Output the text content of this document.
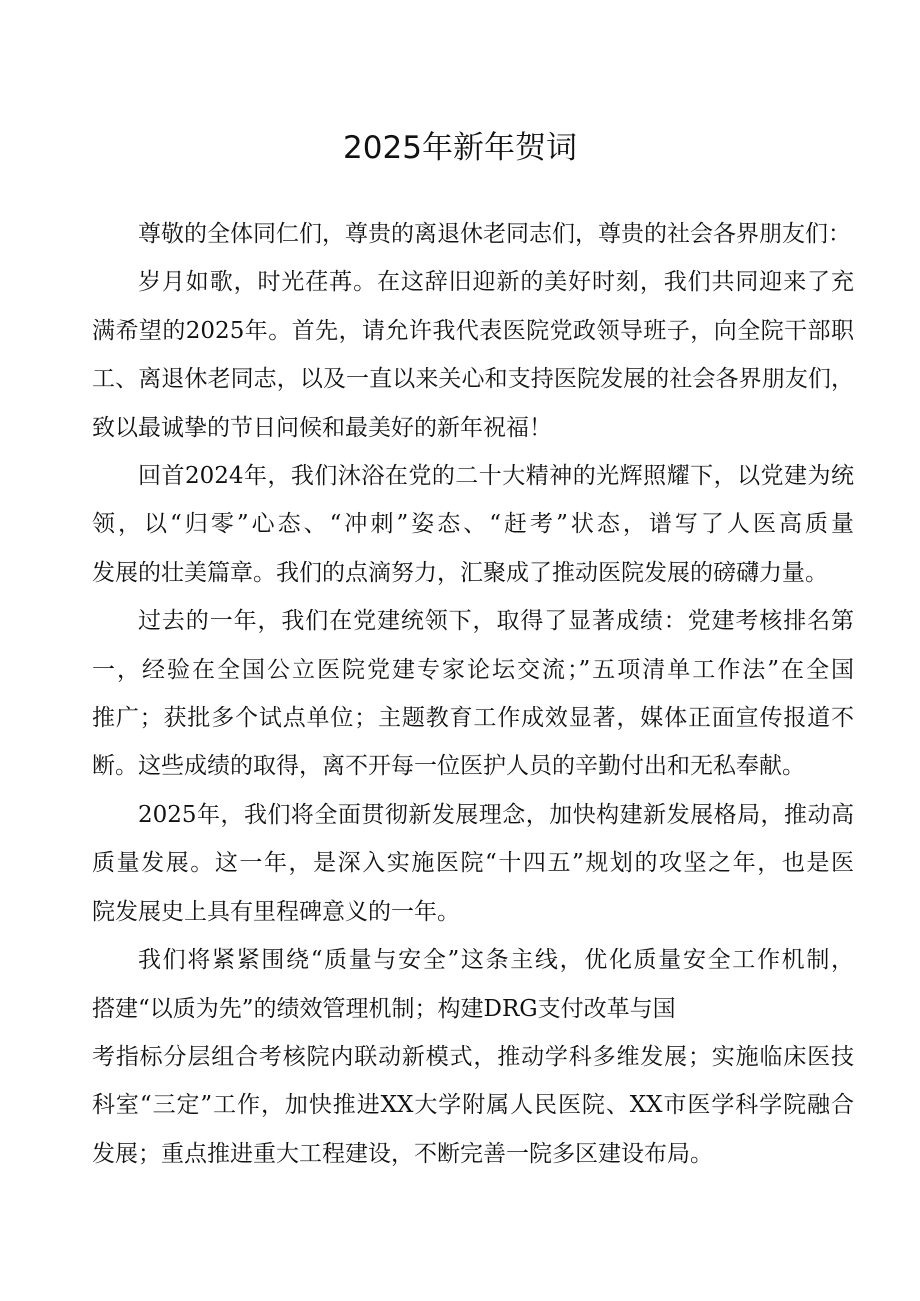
2025年新年贺词

尊敬的全体同仁们，尊贵的离退休老同志们，尊贵的社会各界朋友们：

岁月如歌，时光荏苒。在这辞旧迎新的美好时刻，我们共同迎来了充
满希望的2025年。首先，请允许我代表医院党政领导班子，向全院干部职
工、离退休老同志，以及一直以来关心和支持医院发展的社会各界朋友们，
致以最诚挚的节日问候和最美好的新年祝福！

回首2024年，我们沐浴在党的二十大精神的光辉照耀下，以党建为统
领，以“归零”心态、“冲刺”姿态、“赶考”状态，谱写了人医高质量
发展的壮美篇章。我们的点滴努力，汇聚成了推动医院发展的磅礴力量。

过去的一年，我们在党建统领下，取得了显著成绩：党建考核排名第
一，经验在全国公立医院党建专家论坛交流；”五项清单工作法”在全国
推广；获批多个试点单位；主题教育工作成效显著，媒体正面宣传报道不
断。这些成绩的取得，离不开每一位医护人员的辛勤付出和无私奉献。

2025年，我们将全面贯彻新发展理念，加快构建新发展格局，推动高
质量发展。这一年，是深入实施医院“十四五”规划的攻坚之年，也是医
院发展史上具有里程碑意义的一年。

我们将紧紧围绕“质量与安全”这条主线，优化质量安全工作机制，
搭建“以质为先”的绩效管理机制；构建DRG支付改革与国

考指标分层组合考核院内联动新模式，推动学科多维发展；实施临床医技
科室“三定”工作，加快推进XX大学附属人民医院、XX市医学科学院融合
发展；重点推进重大工程建设，不断完善一院多区建设布局。
